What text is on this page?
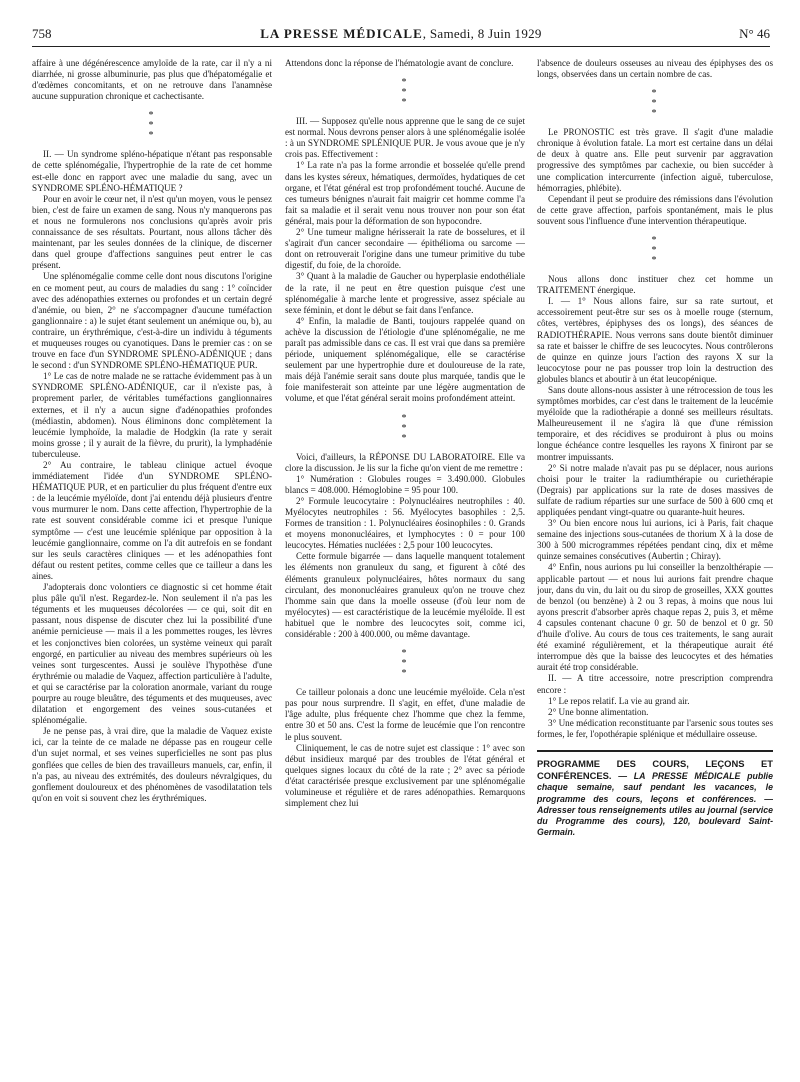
758	LA PRESSE MÉDICALE, Samedi, 8 Juin 1929	N° 46

affaire à une dégénérescence amyloïde de la rate, car il n'y a ni diarrhée, ni grosse albuminurie, pas plus que d'hépatomégalie et d'œdèmes concomitants, et on ne retrouve dans l'anamnèse aucune suppuration chronique et cachectisante.

*
*
*

II. — Un syndrome spléno-hépatique n'étant pas responsable de cette splénomégalie, l'hypertrophie de la rate de cet homme est-elle donc en rapport avec une maladie du sang, avec un SYNDROME SPLÉNO-HÉMATIQUE ?

Pour en avoir le cœur net, il n'est qu'un moyen, vous le pensez bien, c'est de faire un examen de sang. Nous n'y manquerons pas et nous ne formulerons nos conclusions qu'après avoir pris connaissance de ses résultats. Pourtant, nous allons tâcher dès maintenant, par les seules données de la clinique, de discerner dans quel groupe d'affections sanguines peut entrer le cas présent.

Une splénomégalie comme celle dont nous discutons l'origine en ce moment peut, au cours de maladies du sang : 1° coïncider avec des adénopathies externes ou profondes et un certain degré d'anémie, ou bien, 2° ne s'accompagner d'aucune tuméfaction ganglionnaire : a) le sujet étant seulement un anémique ou, b), au contraire, un érythrémique, c'est-à-dire un individu à téguments et muqueuses rouges ou cyanotiques. Dans le premier cas : on se trouve en face d'un SYNDROME SPLÉNO-ADÉNIQUE ; dans le second : d'un SYNDROME SPLÉNO-HÉMATIQUE PUR.

1° Le cas de notre malade ne se rattache évidemment pas à un SYNDROME SPLÉNO-ADÉNIQUE, car il n'existe pas, à proprement parler, de véritables tuméfactions ganglionnaires externes, et il n'y a aucun signe d'adénopathies profondes (médiastin, abdomen). Nous éliminons donc complètement la leucémie lymphoïde, la maladie de Hodgkin (la rate y serait moins grosse ; il y aurait de la fièvre, du prurit), la lymphadénie tuberculeuse.

2° Au contraire, le tableau clinique actuel évoque immédiatement l'idée d'un SYNDROME SPLÉNO-HÉMATIQUE PUR, et en particulier du plus fréquent d'entre eux : de la leucémie myéloïde, dont j'ai entendu déjà plusieurs d'entre vous murmurer le nom. Dans cette affection, l'hypertrophie de la rate est souvent considérable comme ici et presque l'unique symptôme — c'est une leucémie splénique par opposition à la leucémie ganglionnaire, comme on l'a dit autrefois en se fondant sur les seuls caractères cliniques — et les adénopathies font défaut ou restent petites, comme celles que ce tailleur a dans les aines.

J'adopterais donc volontiers ce diagnostic si cet homme était plus pâle qu'il n'est. Regardez-le. Non seulement il n'a pas les téguments et les muqueuses décolorées — ce qui, soit dit en passant, nous dispense de discuter chez lui la possibilité d'une anémie pernicieuse — mais il a les pommettes rouges, les lèvres et les conjonctives bien colorées, un système veineux qui paraît engorgé, en particulier au niveau des membres supérieurs où les veines sont turgescentes. Aussi je soulève l'hypothèse d'une érythrémie ou maladie de Vaquez, affection particulière à l'adulte, et qui se caractérise par la coloration anormale, variant du rouge pourpre au rouge bleuâtre, des téguments et des muqueuses, avec dilatation et engorgement des veines sous-cutanées et splénomégalie.

Je ne pense pas, à vrai dire, que la maladie de Vaquez existe ici, car la teinte de ce malade ne dépasse pas en rougeur celle d'un sujet normal, et ses veines superficielles ne sont pas plus gonflées que celles de bien des travailleurs manuels, car, enfin, il n'a pas, au niveau des extrémités, des douleurs névralgiques, du gonflement douloureux et des phénomènes de vasodilatation tels qu'on en voit si souvent chez les érythrémiques.

Attendons donc la réponse de l'hématologie avant de conclure.

*
*
*

III. — Supposez qu'elle nous apprenne que le sang de ce sujet est normal. Nous devrons penser alors à une splénomégalie isolée : à un SYNDROME SPLÉNIQUE PUR. Je vous avoue que je n'y crois pas. Effectivement :

1° La rate n'a pas la forme arrondie et bosselée qu'elle prend dans les kystes séreux, hématiques, dermoïdes, hydatiques de cet organe, et l'état général est trop profondément touché. Aucune de ces tumeurs bénignes n'aurait fait maigrir cet homme comme l'a fait sa maladie et il serait venu nous trouver non pour son état général, mais pour la déformation de son hypocondre.

2° Une tumeur maligne hérisserait la rate de bosselures, et il s'agirait d'un cancer secondaire — épithélioma ou sarcome — dont on retrouverait l'origine dans une tumeur primitive du tube digestif, du foie, de la choroïde.

3° Quant à la maladie de Gaucher ou hyperplasie endothéliale de la rate, il ne peut en être question puisque c'est une splénomégalie à marche lente et progressive, assez spéciale au sexe féminin, et dont le début se fait dans l'enfance.

4° Enfin, la maladie de Banti, toujours rappelée quand on achève la discussion de l'étiologie d'une splénomégalie, ne me paraît pas admissible dans ce cas. Il est vrai que dans sa première période, uniquement splénomégalique, elle se caractérise seulement par une hypertrophie dure et douloureuse de la rate, mais déjà l'anémie serait sans doute plus marquée, tandis que le foie manifesterait son atteinte par une légère augmentation de volume, et que l'état général serait moins profondément atteint.

*
*
*

Voici, d'ailleurs, la RÉPONSE DU LABORATOIRE. Elle va clore la discussion. Je lis sur la fiche qu'on vient de me remettre :

1° Numération : Globules rouges = 3.490.000. Globules blancs = 408.000. Hémoglobine = 95 pour 100.

2° Formule leucocytaire : Polynucléaires neutrophiles : 40. Myélocytes neutrophiles : 56. Myélocytes basophiles : 2,5. Formes de transition : 1. Polynucléaires éosinophiles : 0. Grands et moyens mononucléaires, et lymphocytes : 0 = pour 100 leucocytes. Hématies nucléées : 2,5 pour 100 leucocytes.

Cette formule bigarrée — dans laquelle manquent totalement les éléments non granuleux du sang, et figurent à côté des éléments granuleux polynucléaires, hôtes normaux du sang circulant, des mononucléaires granuleux qu'on ne trouve chez l'homme sain que dans la moelle osseuse (d'où leur nom de myélocytes) — est caractéristique de la leucémie myéloïde. Il est habituel que le nombre des leucocytes soit, comme ici, considérable : 200 à 400.000, ou même davantage.

*
*
*

Ce tailleur polonais a donc une leucémie myéloïde. Cela n'est pas pour nous surprendre. Il s'agit, en effet, d'une maladie de l'âge adulte, plus fréquente chez l'homme que chez la femme, entre 30 et 50 ans. C'est la forme de leucémie que l'on rencontre le plus souvent.

Cliniquement, le cas de notre sujet est classique : 1° avec son début insidieux marqué par des troubles de l'état général et quelques signes locaux du côté de la rate ; 2° avec sa période d'état caractérisée presque exclusivement par une splénomégalie volumineuse et régulière et de rares adénopathies. Remarquons simplement chez lui

l'absence de douleurs osseuses au niveau des épiphyses des os longs, observées dans un certain nombre de cas.

*
*
*

Le PRONOSTIC est très grave. Il s'agit d'une maladie chronique à évolution fatale. La mort est certaine dans un délai de deux à quatre ans. Elle peut survenir par aggravation progressive des symptômes par cachexie, ou bien succéder à une complication intercurrente (infection aiguë, tuberculose, hémorragies, phlébite).

Cependant il peut se produire des rémissions dans l'évolution de cette grave affection, parfois spontanément, mais le plus souvent sous l'influence d'une intervention thérapeutique.

*
*
*

Nous allons donc instituer chez cet homme un TRAITEMENT énergique.

I. — 1° Nous allons faire, sur sa rate surtout, et accessoirement peut-être sur ses os à moelle rouge (sternum, côtes, vertèbres, épiphyses des os longs), des séances de RADIOTHÉRAPIE. Nous verrons sans doute bientôt diminuer sa rate et baisser le chiffre de ses leucocytes. Nous contrôlerons de quinze en quinze jours l'action des rayons X sur la leucocytose pour ne pas pousser trop loin la destruction des globules blancs et aboutir à un état leucopénique.

Sans doute allons-nous assister à une rétrocession de tous les symptômes morbides, car c'est dans le traitement de la leucémie myéloïde que la radiothérapie a donné ses meilleurs résultats. Malheureusement il ne s'agira là que d'une rémission temporaire, et des récidives se produiront à plus ou moins longue échéance contre lesquelles les rayons X finiront par se montrer impuissants.

2° Si notre malade n'avait pas pu se déplacer, nous aurions choisi pour le traiter la radiumthérapie ou curiethérapie (Degrais) par applications sur la rate de doses massives de sulfate de radium réparties sur une surface de 500 à 600 cmq et appliquées pendant vingt-quatre ou quarante-huit heures.

3° Ou bien encore nous lui aurions, ici à Paris, fait chaque semaine des injections sous-cutanées de thorium X à la dose de 300 à 500 microgrammes répétées pendant cinq, dix et même quinze semaines consécutives (Aubertin ; Chiray).

4° Enfin, nous aurions pu lui conseiller la benzolthérapie — applicable partout — et nous lui aurions fait prendre chaque jour, dans du vin, du lait ou du sirop de groseilles, XXX gouttes de benzol (ou benzène) à 2 ou 3 repas, à moins que nous lui ayons prescrit d'absorber après chaque repas 2, puis 3, et même 4 capsules contenant chacune 0 gr. 50 de benzol et 0 gr. 50 d'huile d'olive. Au cours de tous ces traitements, le sang aurait été examiné régulièrement, et la thérapeutique aurait été interrompue dès que la baisse des leucocytes et des hématies aurait été trop considérable.

II. — A titre accessoire, notre prescription comprendra encore :

1° Le repos relatif. La vie au grand air.

2° Une bonne alimentation.

3° Une médication reconstituante par l'arsenic sous toutes ses formes, le fer, l'opothérapie splénique et médullaire osseuse.

PROGRAMME DES COURS, LEÇONS ET CONFÉRENCES. — LA PRESSE MÉDICALE publie chaque semaine, sauf pendant les vacances, le programme des cours, leçons et conférences. — Adresser tous renseignements utiles au journal (service du Programme des cours), 120, boulevard Saint-Germain.
